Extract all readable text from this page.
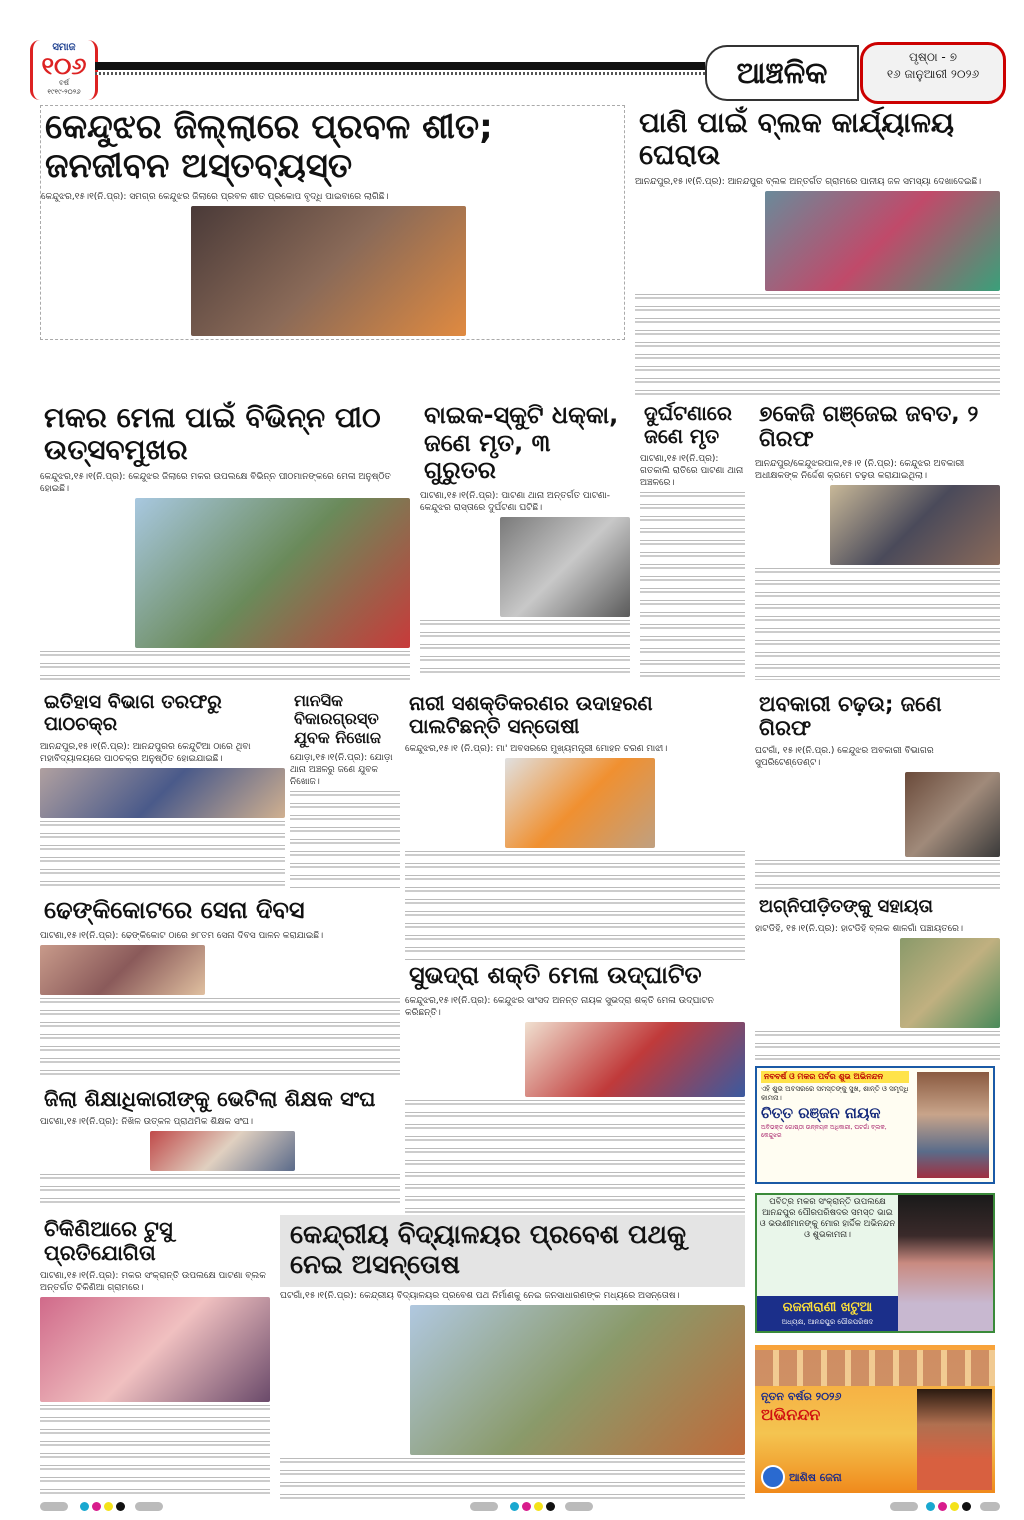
ସମାଜ
୧୦୬
ବର୍ଷ
୧୯୧୯-୨୦୨୬
ଆଞ୍ଚଳିକ	ପୃଷ୍ଠା - ୭
୧୬ ଜାନୁଆରୀ ୨୦୨୬
କେନ୍ଦୁଝର ଜିଲ୍ଲାରେ ପ୍ରବଳ ଶୀତ; ଜନଜୀବନ ଅସ୍ତବ୍ୟସ୍ତ
କେନ୍ଦୁଝର,୧୫।୧(ନି.ପ୍ର): ସମଗ୍ର କେନ୍ଦୁଝର ଜିଲାରେ ପ୍ରବଳ ଶୀତ ପ୍ରକୋପ ବୃଦ୍ଧି ପାଇବାରେ ଲାଗିଛି।
ପାଣି ପାଇଁ ବ୍ଲକ କାର୍ଯ୍ୟାଳୟ ଘେରାଉ
ଆନନ୍ଦପୁର,୧୫।୧(ନି.ପ୍ର): ଆନନ୍ଦପୁର ବ୍ଲକ ଅନ୍ତର୍ଗତ ଗ୍ରାମରେ ପାନୀୟ ଜଳ ସମସ୍ୟା ଦେଖାଦେଇଛି।
ମକର ମେଳା ପାଇଁ ବିଭିନ୍ନ ପୀଠ ଉତ୍ସବମୁଖର
କେନ୍ଦୁଝର,୧୫।୧(ନି.ପ୍ର): କେନ୍ଦୁଝର ଜିଲାରେ ମକର ଉପଲକ୍ଷେ ବିଭିନ୍ନ ପୀଠମାନଙ୍କରେ ମେଳା ଅନୁଷ୍ଠିତ ହୋଇଛି।
ବାଇକ-ସ୍କୁଟି ଧକ୍କା, ଜଣେ ମୃତ, ୩ ଗୁରୁତର
ପାଟଣା,୧୫।୧(ନି.ପ୍ର): ପାଟଣା ଥାନା ଅନ୍ତର୍ଗତ ପାଟଣା-କେନ୍ଦୁଝର ରାସ୍ତାରେ ଦୁର୍ଘଟଣା ଘଟିଛି।
ଦୁର୍ଘଟଣାରେ ଜଣେ ମୃତ
ପାଟଣା,୧୫।୧(ନି.ପ୍ର): ଗତକାଲି ରାତିରେ ପାଟଣା ଥାନା ଅଞ୍ଚଳରେ।
୭କେଜି ଗଞ୍ଜେଇ ଜବତ, ୨ ଗିରଫ
ଆନନ୍ଦପୁର/କେନ୍ଦୁଝରପାଳ,୧୫।୧ (ନି.ପ୍ର): କେନ୍ଦୁଝର ଅବକାରୀ ଅଧୀକ୍ଷକଙ୍କ ନିର୍ଦ୍ଦେଶ କ୍ରମେ ଚଢ଼ଉ କରାଯାଇଥିଲା।
ଇତିହାସ ବିଭାଗ ତରଫରୁ ପାଠଚକ୍ର
ଆନନ୍ଦପୁର,୧୫।୧(ନି.ପ୍ର): ଆନନ୍ଦପୁରର କେନ୍ଦୁଟିଆ ଠାରେ ଥିବା ମହାବିଦ୍ୟାଳୟରେ ପାଠଚକ୍ର ଅନୁଷ୍ଠିତ ହୋଇଯାଇଛି।
ମାନସିକ ବିକାରଗ୍ରସ୍ତ ଯୁବକ ନିଖୋଜ
ଯୋଡ଼ା,୧୫।୧(ନି.ପ୍ର): ଯୋଡ଼ା ଥାନା ଅଞ୍ଚଳରୁ ଜଣେ ଯୁବକ ନିଖୋଜ।
ନାରୀ ସଶକ୍ତିକରଣର ଉଦାହରଣ ପାଲଟିଛନ୍ତି ସନ୍ତୋଷୀ
କେନ୍ଦୁଝର,୧୫।୧ (ନି.ପ୍ର): ମା' ଅବସରରେ ମୁଖ୍ୟମନ୍ତ୍ରୀ ମୋହନ ଚରଣ ମାଝୀ।
ଅବକାରୀ ଚଢ଼ଉ; ଜଣେ ଗିରଫ
ଘଟଗାଁ, ୧୫।୧(ନି.ପ୍ର.) କେନ୍ଦୁଝର ଅବକାରୀ ବିଭାଗର ସୁପରିଟେଣ୍ଡେଣ୍ଟ।
ଢେଙ୍କିକୋଟରେ ସେନା ଦିବସ
ପାଟଣା,୧୫।୧(ନି.ପ୍ର): ଢେଙ୍କିକୋଟ ଠାରେ ୭୮ତମ ସେନା ଦିବସ ପାଳନ କରାଯାଇଛି।
ଅଗ୍ନିପୀଡ଼ିତଙ୍କୁ ସହାୟତା
ହାଟଡିହି, ୧୫।୧(ନି.ପ୍ର): ହାଟଡିହି ବ୍ଲକ ଶାଳଗାଁ ପଞ୍ଚାୟତରେ।
ସୁଭଦ୍ରା ଶକ୍ତି ମେଳା ଉଦ୍‌ଘାଟିତ
କେନ୍ଦୁଝର,୧୫।୧(ନି.ପ୍ର): କେନ୍ଦୁଝର ସାଂସଦ ଅନନ୍ତ ନାୟକ ସୁଭଦ୍ରା ଶକ୍ତି ମେଳା ଉଦ୍‌ଘାଟନ କରିଛନ୍ତି।
ଜିଲା ଶିକ୍ଷାଧିକାରୀଙ୍କୁ ଭେଟିଲା ଶିକ୍ଷକ ସଂଘ
ପାଟଣା,୧୫।୧(ନି.ପ୍ର): ନିଖିଳ ଉତ୍କଳ ପ୍ରାଥମିକ ଶିକ୍ଷକ ସଂଘ।
ଚିକିଣିଆରେ ଟୁସୁ ପ୍ରତିଯୋଗିତା
ପାଟଣା,୧୫।୧(ନି.ପ୍ର): ମକର ସଂକ୍ରାନ୍ତି ଉପଲକ୍ଷେ ପାଟଣା ବ୍ଲକ ଅନ୍ତର୍ଗତ ଚିକିଣିଆ ଗ୍ରାମରେ।
କେନ୍ଦ୍ରୀୟ ବିଦ୍ୟାଳୟର ପ୍ରବେଶ ପଥକୁ ନେଇ ଅସନ୍ତୋଷ
ଘଟଗାଁ,୧୫।୧(ନି.ପ୍ର): କେନ୍ଦ୍ରୀୟ ବିଦ୍ୟାଳୟର ପ୍ରବେଶ ପଥ ନିର୍ମାଣକୁ ନେଇ ଜନସାଧାରଣଙ୍କ ମଧ୍ୟରେ ଅସନ୍ତୋଷ।
ନବବର୍ଷ ଓ ମକର ପର୍ବର ଶୁଭ ଅଭିନନ୍ଦନ
ଏହି ଶୁଭ ଅବସରରେ ସମସ୍ତଙ୍କୁ ସୁଖ, ଶାନ୍ତି ଓ ସମୃଦ୍ଧି କାମନା।
ଚିତ୍ତ ରଞ୍ଜନ ନାୟକ
ଅବିଭକ୍ତ ଗୋଷ୍ଠୀ ଉନ୍ନୟନ ଅଧିକାରୀ, ଘଟଗାଁ ବ୍ଲକ, କେନ୍ଦୁଝର
ପବିତ୍ର ମକର ସଂକ୍ରାନ୍ତି ଉପଲକ୍ଷେ ଆନନ୍ଦପୁର ପୌରପରିଷଦର ସମସ୍ତ ଭାଇ ଓ ଭଉଣୀମାନଙ୍କୁ ମୋର ହାର୍ଦ୍ଦିକ ଅଭିନନ୍ଦନ ଓ ଶୁଭକାମନା।
ରଜନୀରାଣୀ ଖଟୁଆ
ଅଧ୍ୟକ୍ଷ, ଆନନ୍ଦପୁର ପୌରପରିଷଦ
ନୂତନ ବର୍ଷର ୨୦୨୬
ଅଭିନନ୍ଦନ
ଆଶିଷ ଜେନା
